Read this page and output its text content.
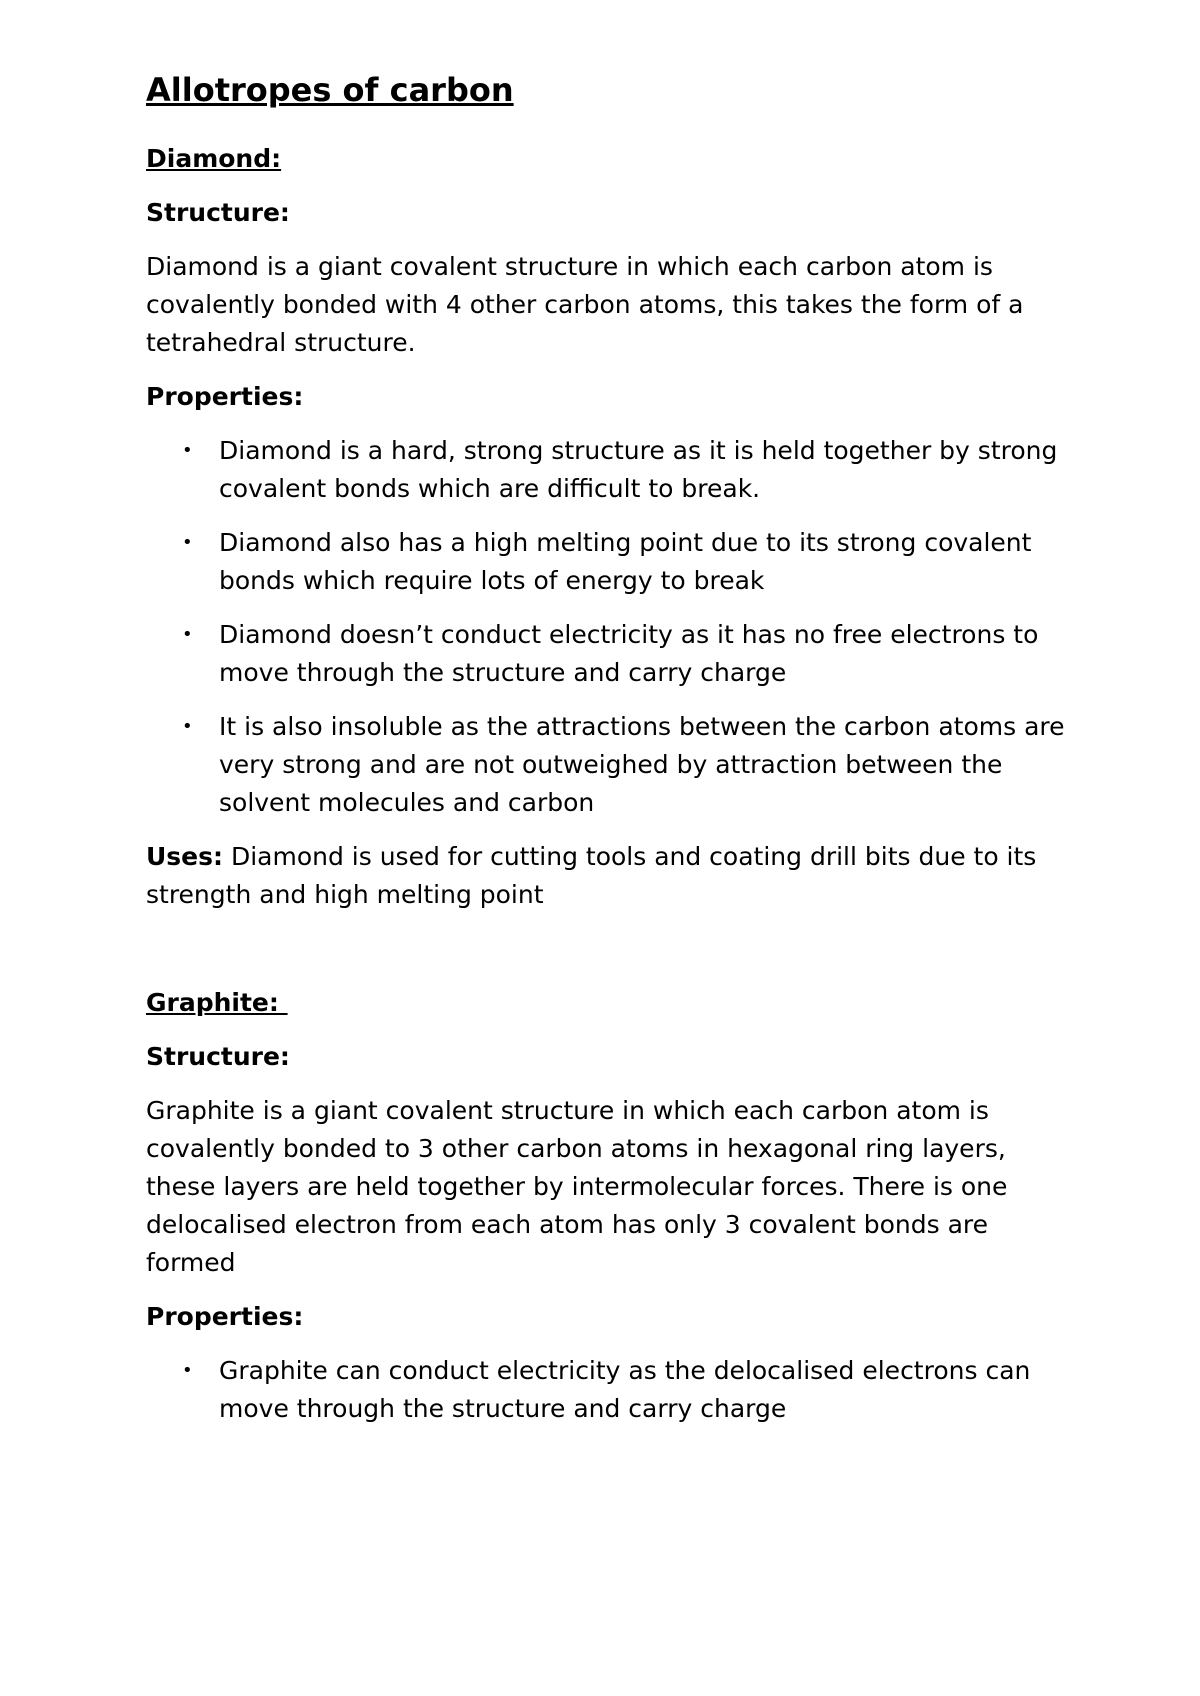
Allotropes of carbon
Diamond:
Structure:
Diamond is a giant covalent structure in which each carbon atom is covalently bonded with 4 other carbon atoms, this takes the form of a tetrahedral structure.
Properties:
• Diamond is a hard, strong structure as it is held together by strong covalent bonds which are difficult to break.
• Diamond also has a high melting point due to its strong covalent bonds which require lots of energy to break
• Diamond doesn’t conduct electricity as it has no free electrons to move through the structure and carry charge
• It is also insoluble as the attractions between the carbon atoms are very strong and are not outweighed by attraction between the solvent molecules and carbon
Uses: Diamond is used for cutting tools and coating drill bits due to its strength and high melting point
Graphite:
Structure:
Graphite is a giant covalent structure in which each carbon atom is covalently bonded to 3 other carbon atoms in hexagonal ring layers, these layers are held together by intermolecular forces. There is one delocalised electron from each atom has only 3 covalent bonds are formed
Properties:
• Graphite can conduct electricity as the delocalised electrons can move through the structure and carry charge
